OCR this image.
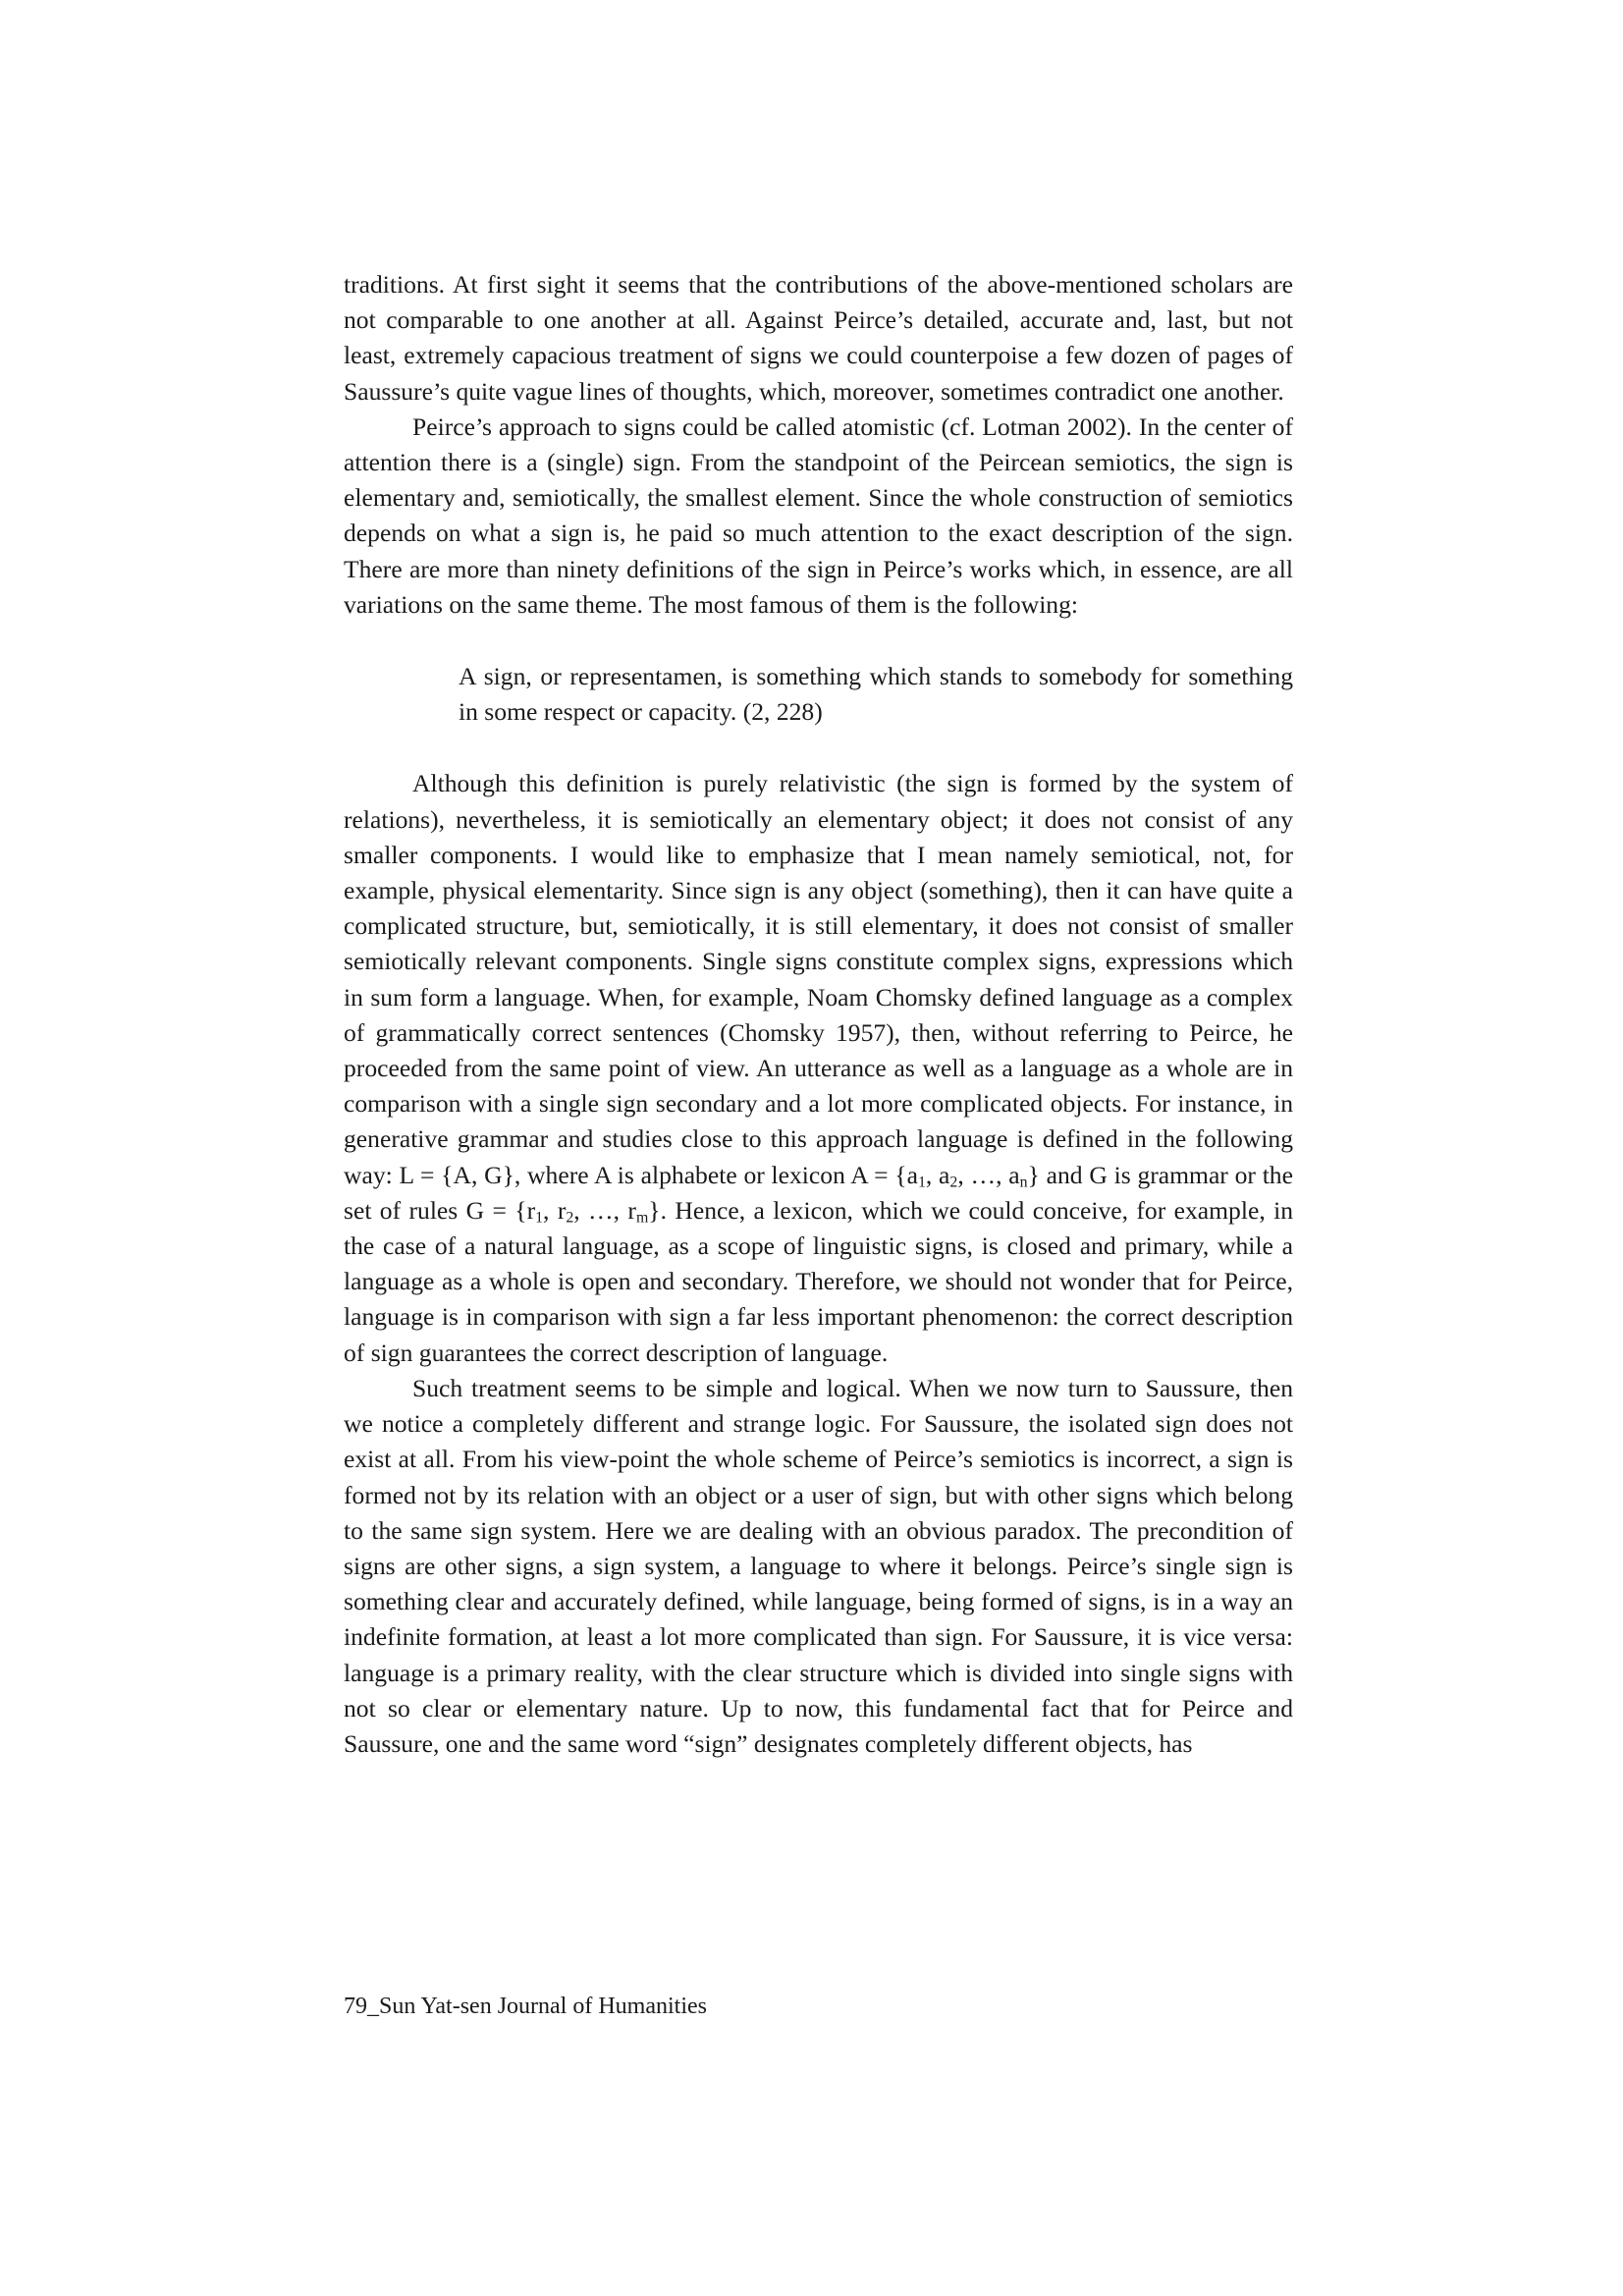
traditions. At first sight it seems that the contributions of the above-mentioned scholars are not comparable to one another at all. Against Peirce’s detailed, accurate and, last, but not least, extremely capacious treatment of signs we could counterpoise a few dozen of pages of Saussure’s quite vague lines of thoughts, which, moreover, sometimes contradict one another.

Peirce’s approach to signs could be called atomistic (cf. Lotman 2002). In the center of attention there is a (single) sign. From the standpoint of the Peircean semiotics, the sign is elementary and, semiotically, the smallest element. Since the whole construction of semiotics depends on what a sign is, he paid so much attention to the exact description of the sign. There are more than ninety definitions of the sign in Peirce’s works which, in essence, are all variations on the same theme. The most famous of them is the following:

A sign, or representamen, is something which stands to somebody for something in some respect or capacity. (2, 228)

Although this definition is purely relativistic (the sign is formed by the system of relations), nevertheless, it is semiotically an elementary object; it does not consist of any smaller components. I would like to emphasize that I mean namely semiotical, not, for example, physical elementarity. Since sign is any object (something), then it can have quite a complicated structure, but, semiotically, it is still elementary, it does not consist of smaller semiotically relevant components. Single signs constitute complex signs, expressions which in sum form a language. When, for example, Noam Chomsky defined language as a complex of grammatically correct sentences (Chomsky 1957), then, without referring to Peirce, he proceeded from the same point of view. An utterance as well as a language as a whole are in comparison with a single sign secondary and a lot more complicated objects. For instance, in generative grammar and studies close to this approach language is defined in the following way: L = {A, G}, where A is alphabete or lexicon $A = \{a_1$, $a_2$, …, $a_n$} and G is grammar or the set of rules $G = \{r_1$, $r_2$, …, $r_m$}. Hence, a lexicon, which we could conceive, for example, in the case of a natural language, as a scope of linguistic signs, is closed and primary, while a language as a whole is open and secondary. Therefore, we should not wonder that for Peirce, language is in comparison with sign a far less important phenomenon: the correct description of sign guarantees the correct description of language.

Such treatment seems to be simple and logical. When we now turn to Saussure, then we notice a completely different and strange logic. For Saussure, the isolated sign does not exist at all. From his view-point the whole scheme of Peirce’s semiotics is incorrect, a sign is formed not by its relation with an object or a user of sign, but with other signs which belong to the same sign system. Here we are dealing with an obvious paradox. The precondition of signs are other signs, a sign system, a language to where it belongs. Peirce’s single sign is something clear and accurately defined, while language, being formed of signs, is in a way an indefinite formation, at least a lot more complicated than sign. For Saussure, it is vice versa: language is a primary reality, with the clear structure which is divided into single signs with not so clear or elementary nature. Up to now, this fundamental fact that for Peirce and Saussure, one and the same word “sign” designates completely different objects, has

79_Sun Yat-sen Journal of Humanities
